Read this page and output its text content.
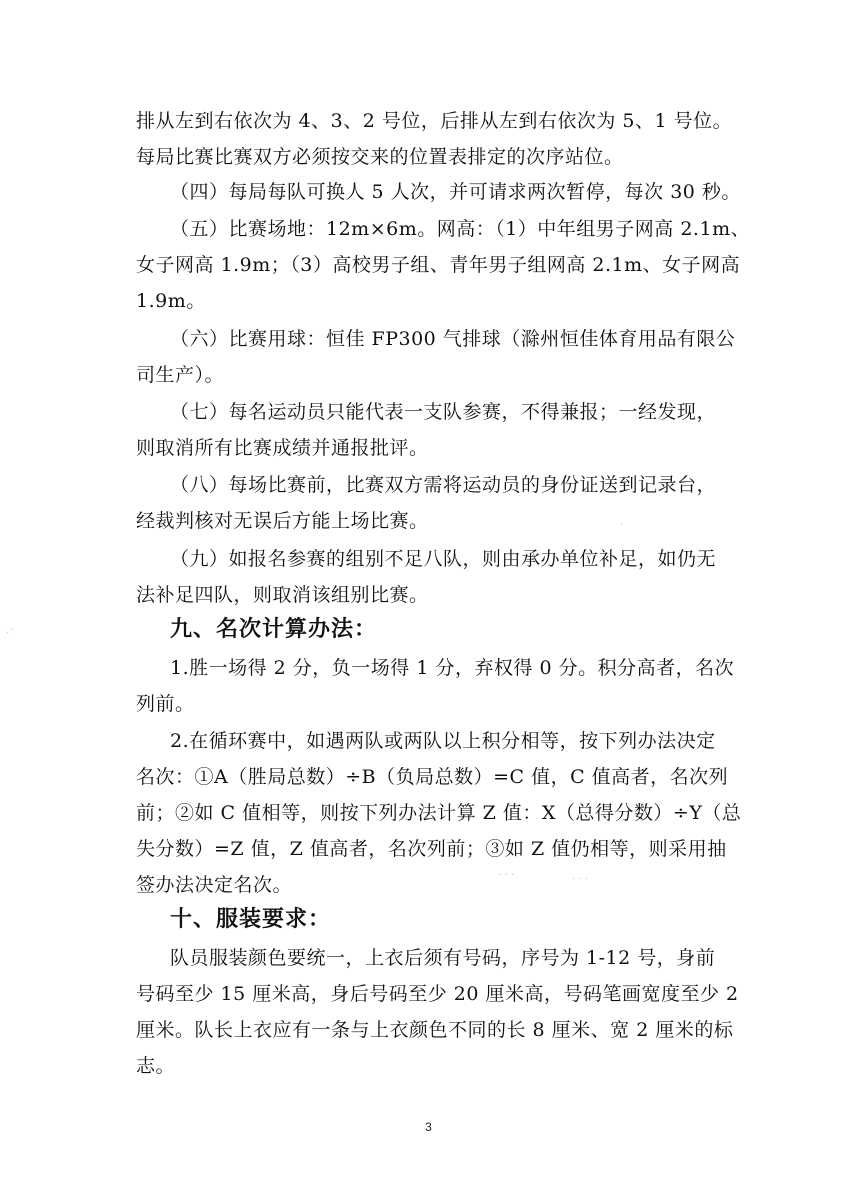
排从左到右依次为 4、3、2 号位，后排从左到右依次为 5、1 号位。
每局比赛比赛双方必须按交来的位置表排定的次序站位。
（四）每局每队可换人 5 人次，并可请求两次暂停，每次 30 秒。
（五）比赛场地：12m×6m。网高：（1）中年组男子网高 2.1m、
女子网高 1.9m；（3）高校男子组、青年男子组网高 2.1m、女子网高
1.9m。
（六）比赛用球：恒佳 FP300 气排球（滁州恒佳体育用品有限公
司生产）。
（七）每名运动员只能代表一支队参赛，不得兼报；一经发现，
则取消所有比赛成绩并通报批评。
（八）每场比赛前，比赛双方需将运动员的身份证送到记录台，
经裁判核对无误后方能上场比赛。
（九）如报名参赛的组别不足八队，则由承办单位补足，如仍无
法补足四队，则取消该组别比赛。
九、名次计算办法：
1.胜一场得 2 分，负一场得 1 分，弃权得 0 分。积分高者，名次
列前。
2.在循环赛中，如遇两队或两队以上积分相等，按下列办法决定
名次：①A（胜局总数）÷B（负局总数）=C 值，C 值高者，名次列
前；②如 C 值相等，则按下列办法计算 Z 值：X（总得分数）÷Y（总
失分数）=Z 值，Z 值高者，名次列前；③如 Z 值仍相等，则采用抽
签办法决定名次。
十、服装要求：
队员服装颜色要统一，上衣后须有号码，序号为 1-12 号，身前
号码至少 15 厘米高，身后号码至少 20 厘米高，号码笔画宽度至少 2
厘米。队长上衣应有一条与上衣颜色不同的长 8 厘米、宽 2 厘米的标
志。
3
·´
· · ·	· · ·
·
